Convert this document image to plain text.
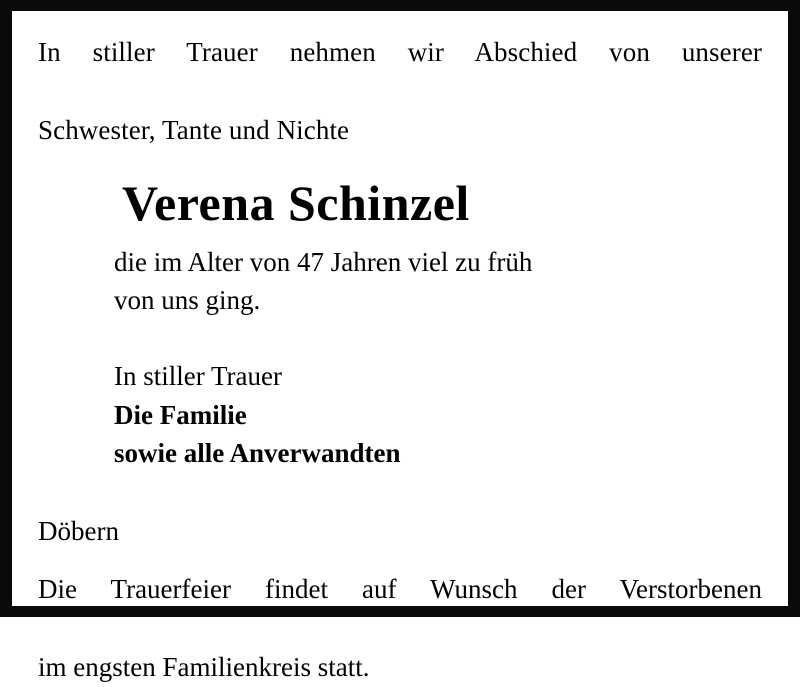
In stiller Trauer nehmen wir Abschied von unserer
Schwester, Tante und Nichte

Verena Schinzel

die im Alter von 47 Jahren viel zu früh
von uns ging.

In stiller Trauer
Die Familie
sowie alle Anverwandten

Döbern

Die Trauerfeier findet auf Wunsch der Verstorbenen
im engsten Familienkreis statt.
